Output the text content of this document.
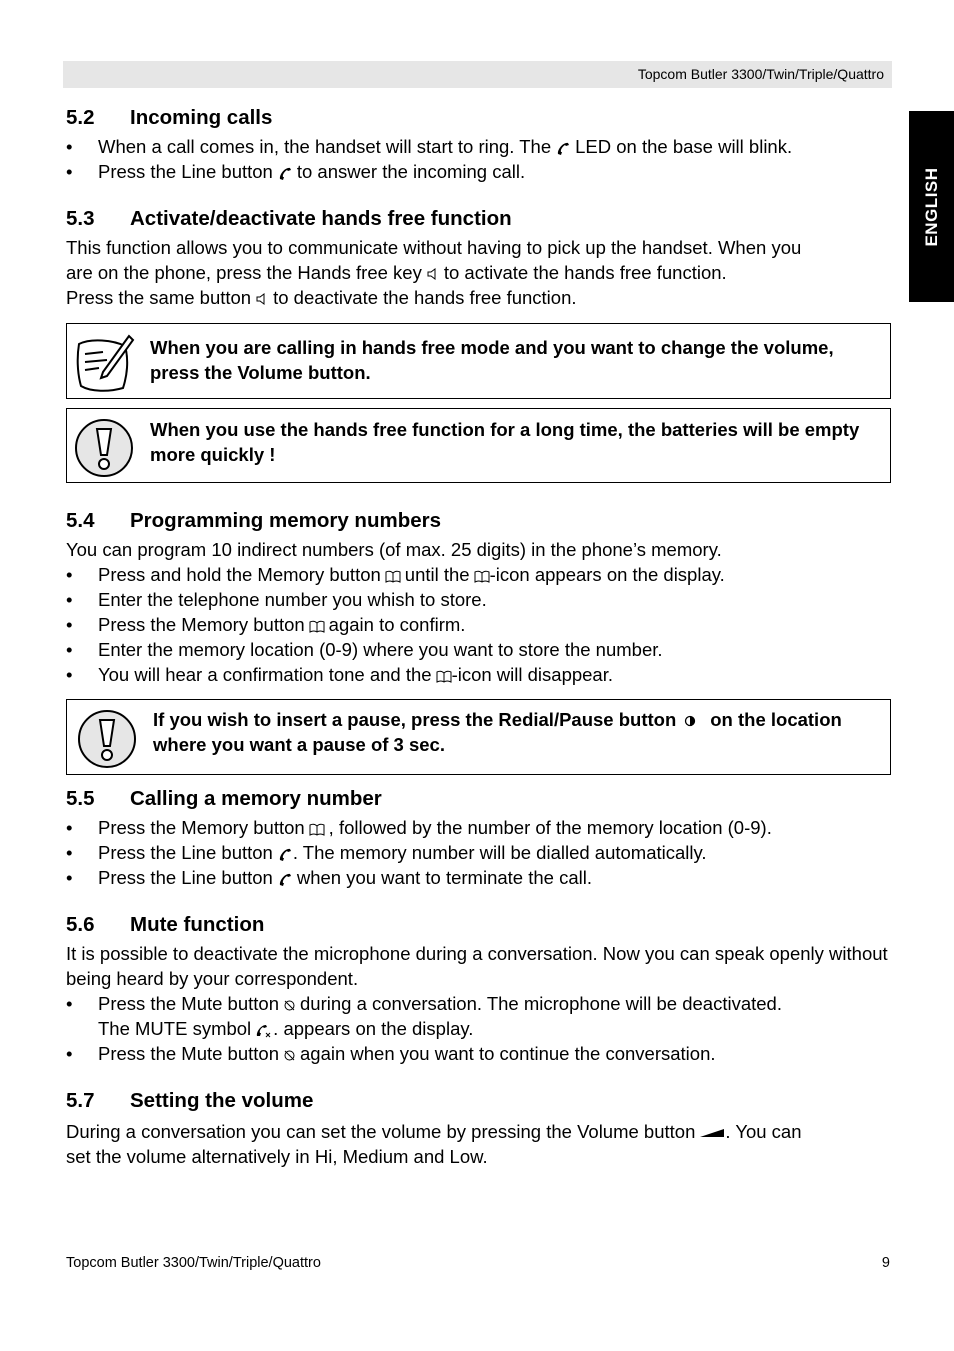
Topcom Butler 3300/Twin/Triple/Quattro
ENGLISH
5.2 Incoming calls
• When a call comes in, the handset will start to ring. The LED on the base will blink.
• Press the Line button to answer the incoming call.
5.3 Activate/deactivate hands free function

This function allows you to communicate without having to pick up the handset. When you

are on the phone, press the Hands free key to activate the hands free function.

Press the same button to deactivate the hands free function.

When you are calling in hands free mode and you want to change the volume, press the Volume button.

When you use the hands free function for a long time, the batteries will be empty more quickly !

5.4 Programming memory numbers

You can program 10 indirect numbers (of max. 25 digits) in the phone’s memory.

• Press and hold the Memory button until the -icon appears on the display.
• Enter the telephone number you whish to store.
• Press the Memory button again to confirm.
• Enter the memory location (0-9) where you want to store the number.
• You will hear a confirmation tone and the -icon will disappear.

If you wish to insert a pause, press the Redial/Pause button on the location where you want a pause of 3 sec.

5.5 Calling a memory number
• Press the Memory button , followed by the number of the memory location (0-9).
• Press the Line button . The memory number will be dialled automatically.
• Press the Line button when you want to terminate the call.
5.6 Mute function

It is possible to deactivate the microphone during a conversation. Now you can speak openly without being heard by your correspondent.

• Press the Mute button during a conversation. The microphone will be deactivated.
The MUTE symbol . appears on the display.
• Press the Mute button again when you want to continue the conversation.
5.7 Setting the volume

During a conversation you can set the volume by pressing the Volume button . You can

set the volume alternatively in Hi, Medium and Low.

Topcom Butler 3300/Twin/Triple/Quattro	9
